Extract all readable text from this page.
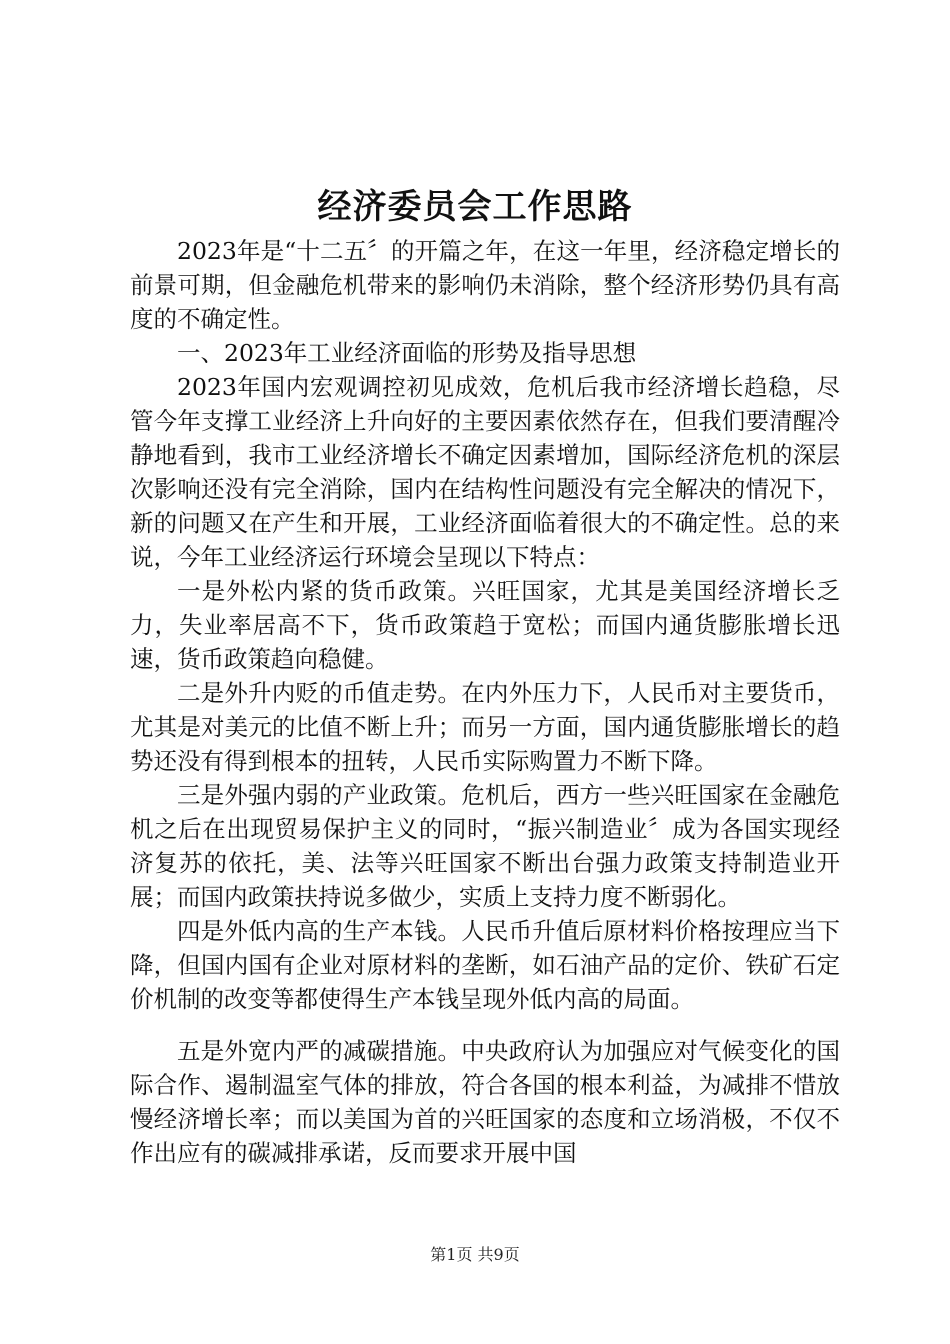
经济委员会工作思路

2023年是“十二五〞的开篇之年，在这一年里，经济稳定增长的前景可期，但金融危机带来的影响仍未消除，整个经济形势仍具有高度的不确定性。

一、2023年工业经济面临的形势及指导思想

2023年国内宏观调控初见成效，危机后我市经济增长趋稳，尽管今年支撑工业经济上升向好的主要因素依然存在，但我们要清醒冷静地看到，我市工业经济增长不确定因素增加，国际经济危机的深层次影响还没有完全消除，国内在结构性问题没有完全解决的情况下，新的问题又在产生和开展，工业经济面临着很大的不确定性。总的来说，今年工业经济运行环境会呈现以下特点：

一是外松内紧的货币政策。兴旺国家，尤其是美国经济增长乏力，失业率居高不下，货币政策趋于宽松；而国内通货膨胀增长迅速，货币政策趋向稳健。

二是外升内贬的币值走势。在内外压力下，人民币对主要货币，尤其是对美元的比值不断上升；而另一方面，国内通货膨胀增长的趋势还没有得到根本的扭转，人民币实际购置力不断下降。

三是外强内弱的产业政策。危机后，西方一些兴旺国家在金融危机之后在出现贸易保护主义的同时，“振兴制造业〞成为各国实现经济复苏的依托，美、法等兴旺国家不断出台强力政策支持制造业开展；而国内政策扶持说多做少，实质上支持力度不断弱化。

四是外低内高的生产本钱。人民币升值后原材料价格按理应当下降，但国内国有企业对原材料的垄断，如石油产品的定价、铁矿石定价机制的改变等都使得生产本钱呈现外低内高的局面。

五是外宽内严的减碳措施。中央政府认为加强应对气候变化的国际合作、遏制温室气体的排放，符合各国的根本利益，为减排不惜放慢经济增长率；而以美国为首的兴旺国家的态度和立场消极，不仅不作出应有的碳减排承诺，反而要求开展中国

第1页 共9页
